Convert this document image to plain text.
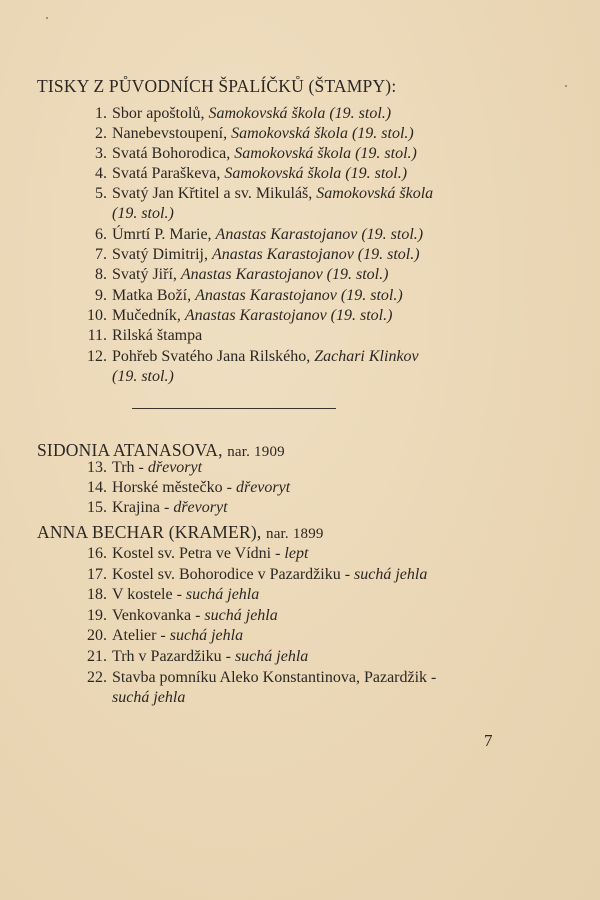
TISKY Z PŮVODNÍCH ŠPALÍČKŮ (ŠTAMPY):
1. Sbor apoštolů, Samokovská škola (19. stol.)
2. Nanebevstoupení, Samokovská škola (19. stol.)
3. Svatá Bohorodica, Samokovská škola (19. stol.)
4. Svatá Paraškeva, Samokovská škola (19. stol.)
5. Svatý Jan Křtitel a sv. Mikuláš, Samokovská škola
(19. stol.)
6. Úmrtí P. Marie, Anastas Karastojanov (19. stol.)
7. Svatý Dimitrij, Anastas Karastojanov (19. stol.)
8. Svatý Jiří, Anastas Karastojanov (19. stol.)
9. Matka Boží, Anastas Karastojanov (19. stol.)
10. Mučedník, Anastas Karastojanov (19. stol.)
11. Rilská štampa
12. Pohřeb Svatého Jana Rilského, Zachari Klinkov
(19. stol.)
SIDONIA ATANASOVA, nar. 1909
13. Trh - dřevoryt
14. Horské městečko - dřevoryt
15. Krajina - dřevoryt
ANNA BECHAR (KRAMER), nar. 1899
16. Kostel sv. Petra ve Vídni - lept
17. Kostel sv. Bohorodice v Pazardžiku - suchá jehla
18. V kostele - suchá jehla
19. Venkovanka - suchá jehla
20. Atelier - suchá jehla
21. Trh v Pazardžiku - suchá jehla
22. Stavba pomníku Aleko Konstantinova, Pazardžik -
suchá jehla
7
